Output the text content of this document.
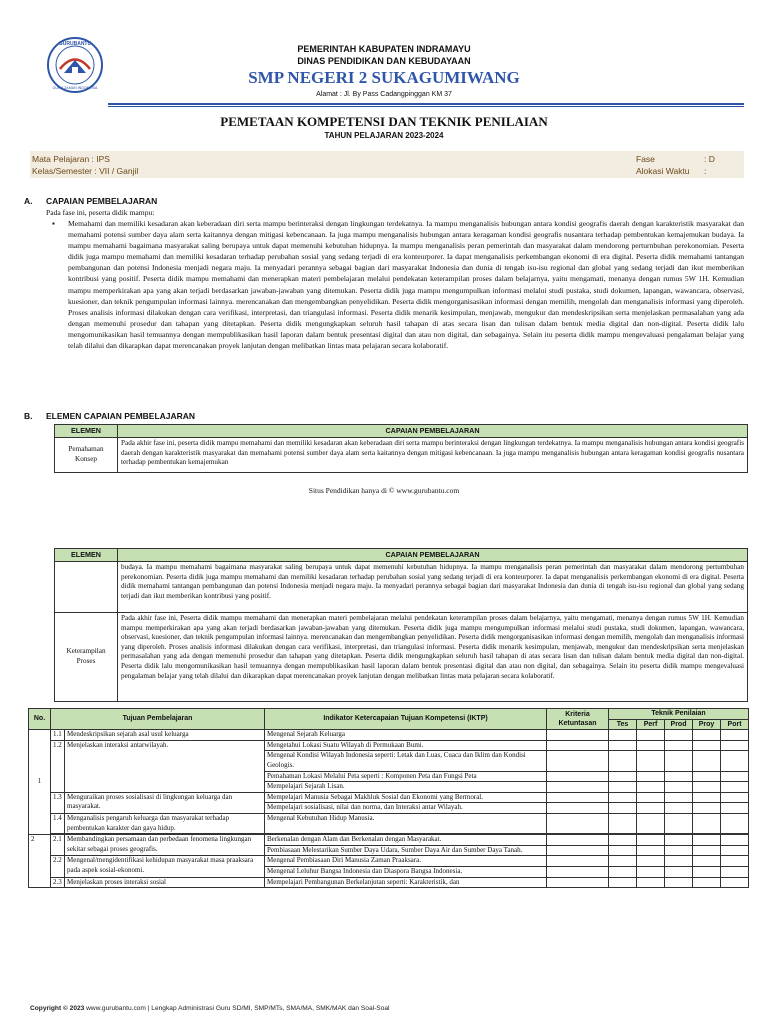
GURUBANTU
GURU ZAMAN INDONESIA
PEMERINTAH KABUPATEN INDRAMAYU
DINAS PENDIDIKAN DAN KEBUDAYAAN
SMP NEGERI 2 SUKAGUMIWANG
Alamat : Jl. By Pass Cadangpinggan KM 37
PEMETAAN KOMPETENSI DAN TEKNIK PENILAIAN
TAHUN PELAJARAN 2023-2024
Mata Pelajaran : IPS
Kelas/Semester : VII / Ganjil
Fase	: D
Alokasi Waktu :
A. CAPAIAN PEMBELAJARAN
Pada fase ini, peserta didik mampu:
▪ Memahami dan memiliki kesadaran akan keberadaan diri serta mampu berinteraksi dengan lingkungan terdekatnya. Ia mampu menganalisis hubungan antara kondisi geografis daerah dengan karakteristik masyarakat dan memahami potensi sumber daya alam serta kaitannya dengan mitigasi kebencanaan. Ia juga mampu menganalisis hubungan antara keragaman kondisi geografis nusantara terhadap pembentukan kemajemukan budaya. Ia mampu memahami bagaimana masyarakat saling berupaya untuk dapat memenuhi kebutuhan hidupnya. Ia mampu menganalisis peran pemerintah dan masyarakat dalam mendorong perturnbuhan perekonomian. Peserta didik juga mampu memahami dan memiliki kesadaran terhadap perubahan sosial yang sedang terjadi di era konteurporer. Ia dapat menganalisis perkembangan ekonomi di era digital. Peserta didik memahami tantangan pembangunan dan potensi Indonesia menjadi negara maju. Ia menyadari perannya sebagai bagian dari masyarakat Indonesia dan dunia di tengah isu-isu regional dan global yang sedang terjadi dan ikut memberikan kontribusi yang positif. Peserta didik mampu memahami dan menerapkan materi pembelajaran melalui pendekatan keterampilan proses dalam belajarnya, yaitu mengamati, menanya dengan rumus 5W 1H. Kemudian mampu memperkirakan apa yang akan terjadi berdasarkan jawaban-jawaban yang ditemukan. Peserta didik juga mampu mengumpulkan informasi melalui studi pustaka, studi dokumen, lapangan, wawancara, observasi, kuesioner, dan teknik pengumpulan informasi lainnya. merencanakan dan mengembangkan penyelidikan. Peserta didik mengorganisasikan informasi dengan memilih, mengolah dan menganalisis informasi yang diperoleh. Proses analisis informasi dilakukan dengan cara verifikasi, interpretasi, dan triangulasi informasi. Peserta didik menarik kesimpulan, menjawab, mengukur dan mendeskripsikan serta menjelaskan permasalahan yang ada dengan memenuhi prosedur dan tahapan yang ditetapkan. Peserta didik mengungkapkan seluruh hasil tahapan di atas secara lisan dan tulisan dalam bentuk media digital dan non-digital. Peserta didik lalu mengomunikasikan hasil temuannya dengan mempublikasikan hasil laporan dalam bentuk presentasi digital dan atau non digital, dan sebagainya. Selain itu peserta didik mampu mengevaluasi pengalaman belajar yang telah dilalui dan dikarapkan dapat merencanakan proyek lanjutan dengan melibatkan lintas mata pelajaran secara kolaboratif.
B. ELEMEN CAPAIAN PEMBELAJARAN
ELEMEN	CAPAIAN PEMBELAJARAN
Pemahaman Konsep	Pada akhir fase ini, peserta didik mampu memahami dan memiliki kesadaran akan keberadaan diri serta mampu berinteraksi dengan lingkungan terdekatnya. Ia mampu menganalisis hubungan antara kondisi geografis daerah dengan karakteristik masyarakat dan memahami potensi sumber daya alam serta kaitannya dengan mitigasi kebencanaan. Ia juga mampu menganalisis hubungan antara keragaman kondisi geografis nusantara terhadap pembentukan kemajemukan
Situs Pendidikan hanya di © www.gurubantu.com
ELEMEN	CAPAIAN PEMBELAJARAN

	budaya. Ia mampu memahami bagaimana masyarakat saling berupaya untuk dapat memenuhi kebutuhan hidupnya. Ia mampu menganalisis peran pemerintah dan masyarakat dalam mendorong pertumbuhan perekonomian. Peserta didik juga mampu memahami dan memiliki kesadaran terhadap perubahan sosial yang sedang terjadi di era konteurporer. Ia dapat menganalisis perkembangan ekonomi di era digital. Peserta didik memahami tantangan pembangunan dan potensi Indonesia menjadi negara maju. Ia menyadari perannya sebagai bagian dari masyarakat Indonesia dan dunia di tengah isu-isu regional dan global yang sedang terjadi dan ikut memberikan kontribusi yang positif.

Keterampilan Proses	Pada akhir fase ini, Peserta didik mampu memahami dan menerapkan materi pembelajaran melalui pendekatan keterampilan proses dalam belajarnya, yaitu mengamati, menanya dengan rumus 5W 1H. Kemudian mampu memperkirakan apa yang akan terjadi berdasarkan jawaban-jawaban yang ditemukan. Peserta didik juga mampu mengumpulkan informasi melalui studi pustaka, studi dokumen, lapangan, wawancara, observasi, kuesioner, dan teknik pengumpulan informasi lainnya. merencanakan dan mengembangkan penyelidikan. Peserta didik mengorganisasikan informasi dengan memilih, mengolah dan menganalisis informasi yang diperoleh. Proses analisis informasi dilakukan dengan cara verifikasi, interpretasi, dan triangulasi informasi. Peserta didik menarik kesimpulan, menjawab, mengukur dan mendeskripsikan serta menjelaskan permasalahan yang ada dengan memenuhi prosedur dan tahapan yang ditetapkan. Peserta didik mengungkapkan seluruh hasil tahapan di atas secara lisan dan tulisan dalam bentuk media digital dan non-digital. Peserta didik lalu mengomunikasikan hasil temuannya dengan mempublikasikan hasil laporan dalam bentuk presentasi digital dan atau non digital, dan sebagainya. Selain itu peserta didik mampu mengevaluasi pengalaman belajar yang telah dilalui dan dikarapkan dapat merencanakan proyek lanjutan dengan melibatkan lintas mata pelajaran secara kolaboratif.
No.	Tujuan Pembelajaran		Indikator Ketercapaian Tujuan Kompetensi (IKTP)	Kriteria Ketuntasan	Teknik Penilaian				
					Tes	Perf	Prod	Proy	Port
1	1.1	Mendeskripsikan sejarah asal usul keluarga	Mengenal Sejarah Keluarga						
	1.2	Menjelaskan interaksi antarwilayah.	Mengetahui Lokasi Suatu Wilayah di Permukaan Bumi.						
			Mengenal Kondisi Wilayah Indonesia seperti: Letak dan Luas, Cuaca dan Iklim dan Kondisi Geologis.						
			Pemahaman Lokasi Melalui Peta seperti : Komponen Peta dan Fungsi Peta						
			Mempelajari Sejarah Lisan.						
	1.3	Menguraikan proses sosialisasi di lingkungan keluarga dan masyarakat.	Mempelajari Manusia Sebagai Makhluk Sosial dan Ekonomi yang Bermoral.						
			Mempelajari sosialisasi, nilai dan norma, dan Interaksi antar Wilayah.						
	1.4	Menganalisis pengaruh keluarga dan masyarakat terhadap pembentukan karakter dan gaya hidup.	Mengenal Kebutuhan Hidup Manusia.						

2	2.1	Membandingkan persamaan dan perbedaan fenomena lingkungan sekitar sebagai proses geografis.	Berkenalan dengan Alam dan Berkenalan dengan Masyarakat.						
			Pembiasaan Melestarikan Sumber Daya Udara, Sumber Daya Air dan Sumber Daya Tanah.						
	2.2	Mengenal/mengidentifikasi kehidupan masyarakat masa praaksara pada aspek sosial-ekonomi.	Mengenal Pembiasaan Diri Manusia Zaman Praaksara.						
			Mengenal Leluhur Bangsa Indonesia dan Diaspora Bangsa Indonesia.						
	2.3	Menjelaskan proses interaksi sosial	Mempelajari Pembangunan Berkelanjutan seperti: Karakteristik, dan						
Copyright © 2023 www.gurubantu.com | Lengkap Administrasi Guru SD/MI, SMP/MTs, SMA/MA, SMK/MAK dan Soal-Soal
